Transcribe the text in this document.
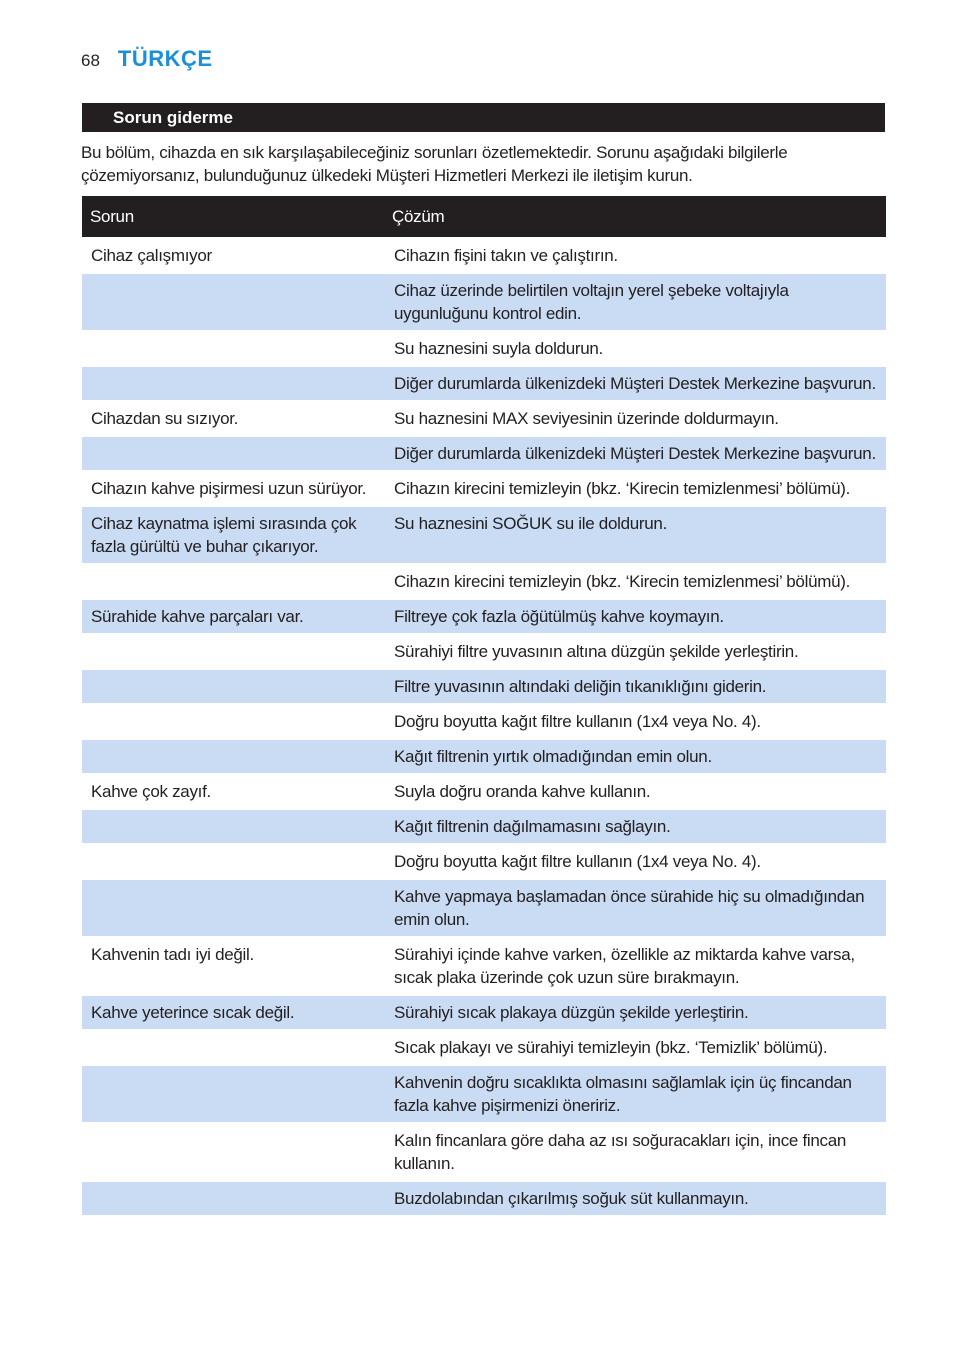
68 TÜRKÇE
Sorun giderme

Bu bölüm, cihazda en sık karşılaşabileceğiniz sorunları özetlemektedir. Sorunu aşağıdaki bilgilerle çözemiyorsanız, bulunduğunuz ülkedeki Müşteri Hizmetleri Merkezi ile iletişim kurun.

Sorun	Çözüm
Cihaz çalışmıyor	Cihazın fişini takın ve çalıştırın.
	Cihaz üzerinde belirtilen voltajın yerel şebeke voltajıyla uygunluğunu kontrol edin.
	Su haznesini suyla doldurun.
	Diğer durumlarda ülkenizdeki Müşteri Destek Merkezine başvurun.
Cihazdan su sızıyor.	Su haznesini MAX seviyesinin üzerinde doldurmayın.
	Diğer durumlarda ülkenizdeki Müşteri Destek Merkezine başvurun.
Cihazın kahve pişirmesi uzun sürüyor.	Cihazın kirecini temizleyin (bkz. ‘Kirecin temizlenmesi’ bölümü).
Cihaz kaynatma işlemi sırasında çok fazla gürültü ve buhar çıkarıyor.	Su haznesini SOĞUK su ile doldurun.
	Cihazın kirecini temizleyin (bkz. ‘Kirecin temizlenmesi’ bölümü).
Sürahide kahve parçaları var.	Filtreye çok fazla öğütülmüş kahve koymayın.
	Sürahiyi filtre yuvasının altına düzgün şekilde yerleştirin.
	Filtre yuvasının altındaki deliğin tıkanıklığını giderin.
	Doğru boyutta kağıt filtre kullanın (1x4 veya No. 4).
	Kağıt filtrenin yırtık olmadığından emin olun.
Kahve çok zayıf.	Suyla doğru oranda kahve kullanın.
	Kağıt filtrenin dağılmamasını sağlayın.
	Doğru boyutta kağıt filtre kullanın (1x4 veya No. 4).
	Kahve yapmaya başlamadan önce sürahide hiç su olmadığından emin olun.
Kahvenin tadı iyi değil.	Sürahiyi içinde kahve varken, özellikle az miktarda kahve varsa, sıcak plaka üzerinde çok uzun süre bırakmayın.
Kahve yeterince sıcak değil.	Sürahiyi sıcak plakaya düzgün şekilde yerleştirin.
	Sıcak plakayı ve sürahiyi temizleyin (bkz. ‘Temizlik’ bölümü).
	Kahvenin doğru sıcaklıkta olmasını sağlamlak için üç fincandan fazla kahve pişirmenizi öneririz.
	Kalın fincanlara göre daha az ısı soğuracakları için, ince fincan kullanın.
	Buzdolabından çıkarılmış soğuk süt kullanmayın.
